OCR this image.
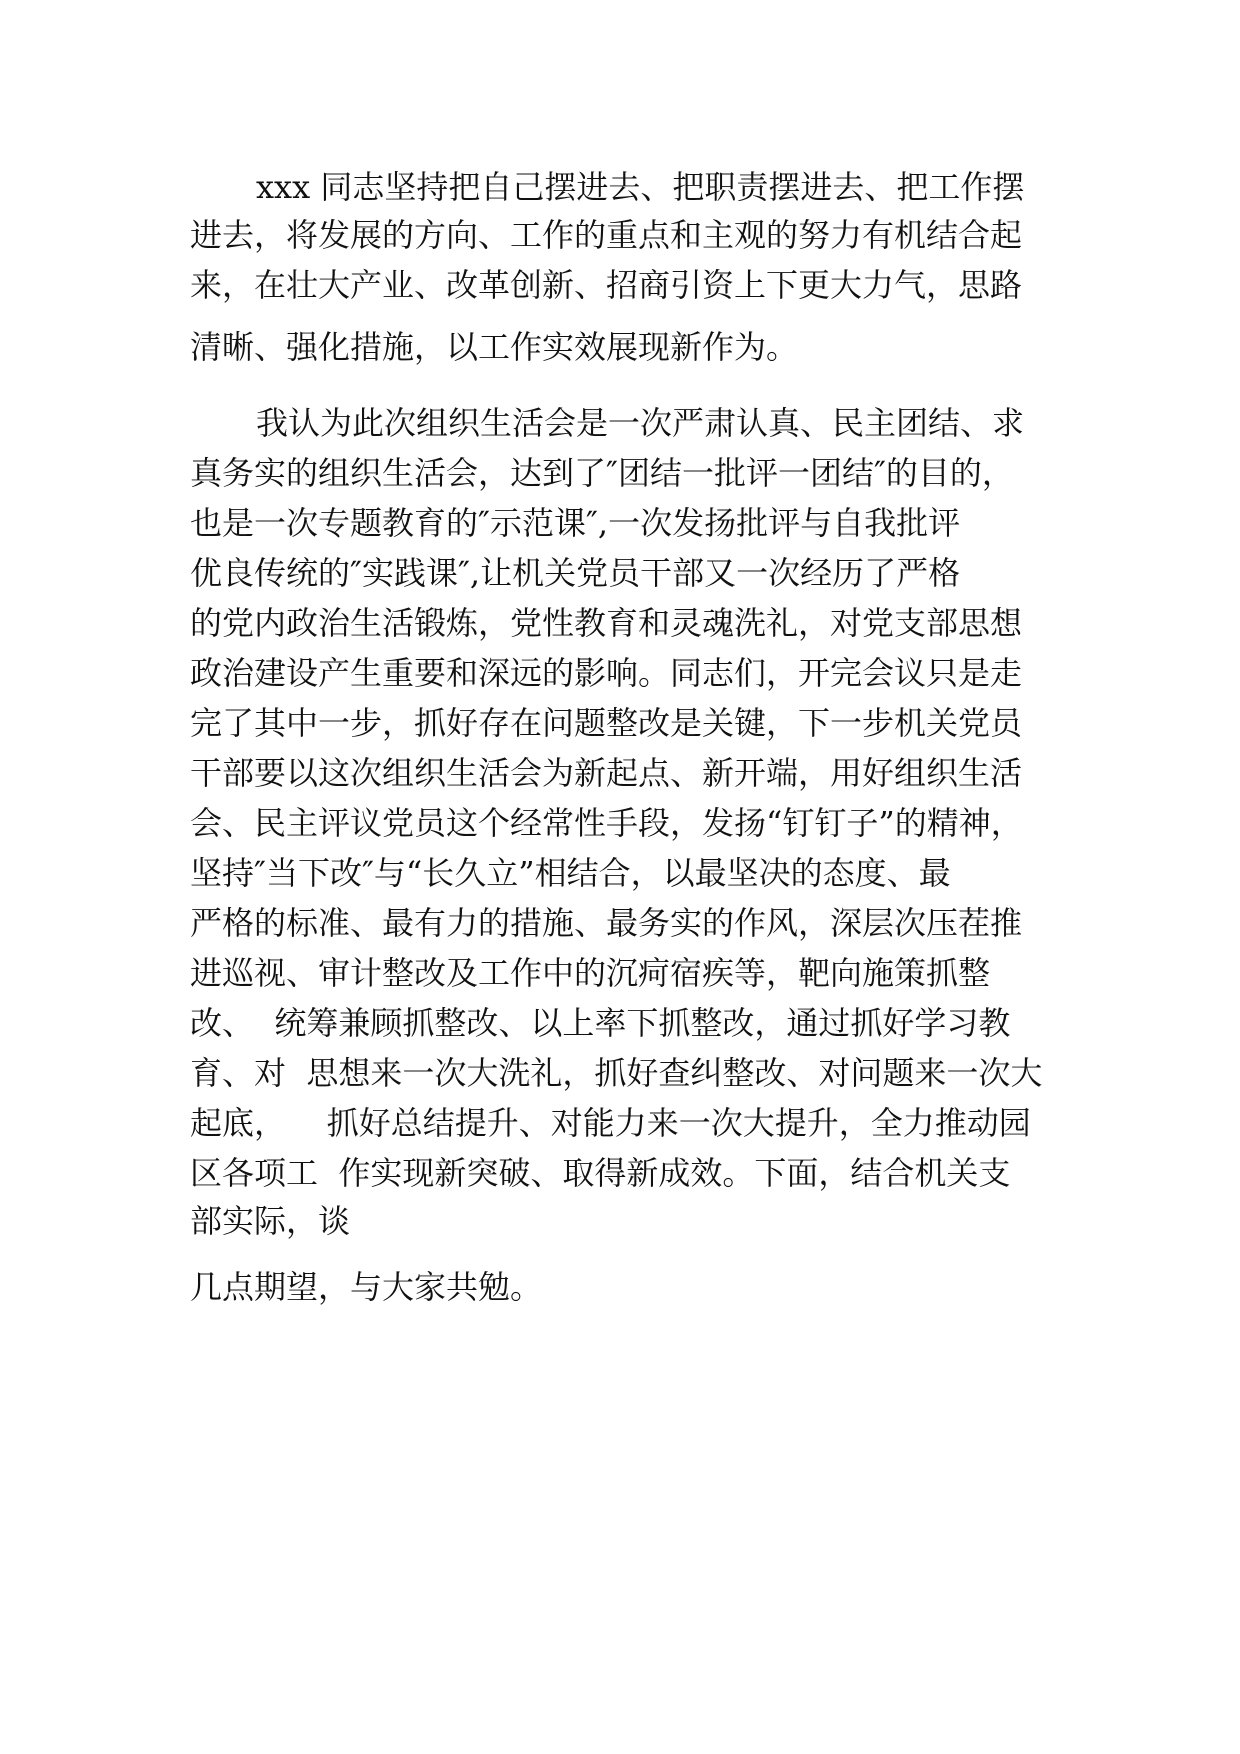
xxx 同志坚持把自己摆进去、把职责摆进去、把工作摆

进去，将发展的方向、工作的重点和主观的努力有机结合起

来，在壮大产业、改革创新、招商引资上下更大力气，思路

清晰、强化措施，以工作实效展现新作为。

我认为此次组织生活会是一次严肃认真、民主团结、求

真务实的组织生活会，达到了″团结一批评一团结″的目的，

也是一次专题教育的″示范课″,一次发扬批评与自我批评

优良传统的″实践课″,让机关党员干部又一次经历了严格

的党内政治生活锻炼，党性教育和灵魂洗礼，对党支部思想

政治建设产生重要和深远的影响。同志们，开完会议只是走

完了其中一步，抓好存在问题整改是关键，下一步机关党员

干部要以这次组织生活会为新起点、新开端，用好组织生活

会、民主评议党员这个经常性手段，发扬“钉钉子”的精神，

坚持″当下改″与“长久立”相结合，以最坚决的态度、最

严格的标准、最有力的措施、最务实的作风，深层次压茬推

进巡视、审计整改及工作中的沉疴宿疾等，靶向施策抓整

改、  统筹兼顾抓整改、以上率下抓整改，通过抓好学习教

育、对  思想来一次大洗礼，抓好查纠整改、对问题来一次大

起底，    抓好总结提升、对能力来一次大提升，全力推动园

区各项工  作实现新突破、取得新成效。下面，结合机关支

部实际，谈

几点期望，与大家共勉。
